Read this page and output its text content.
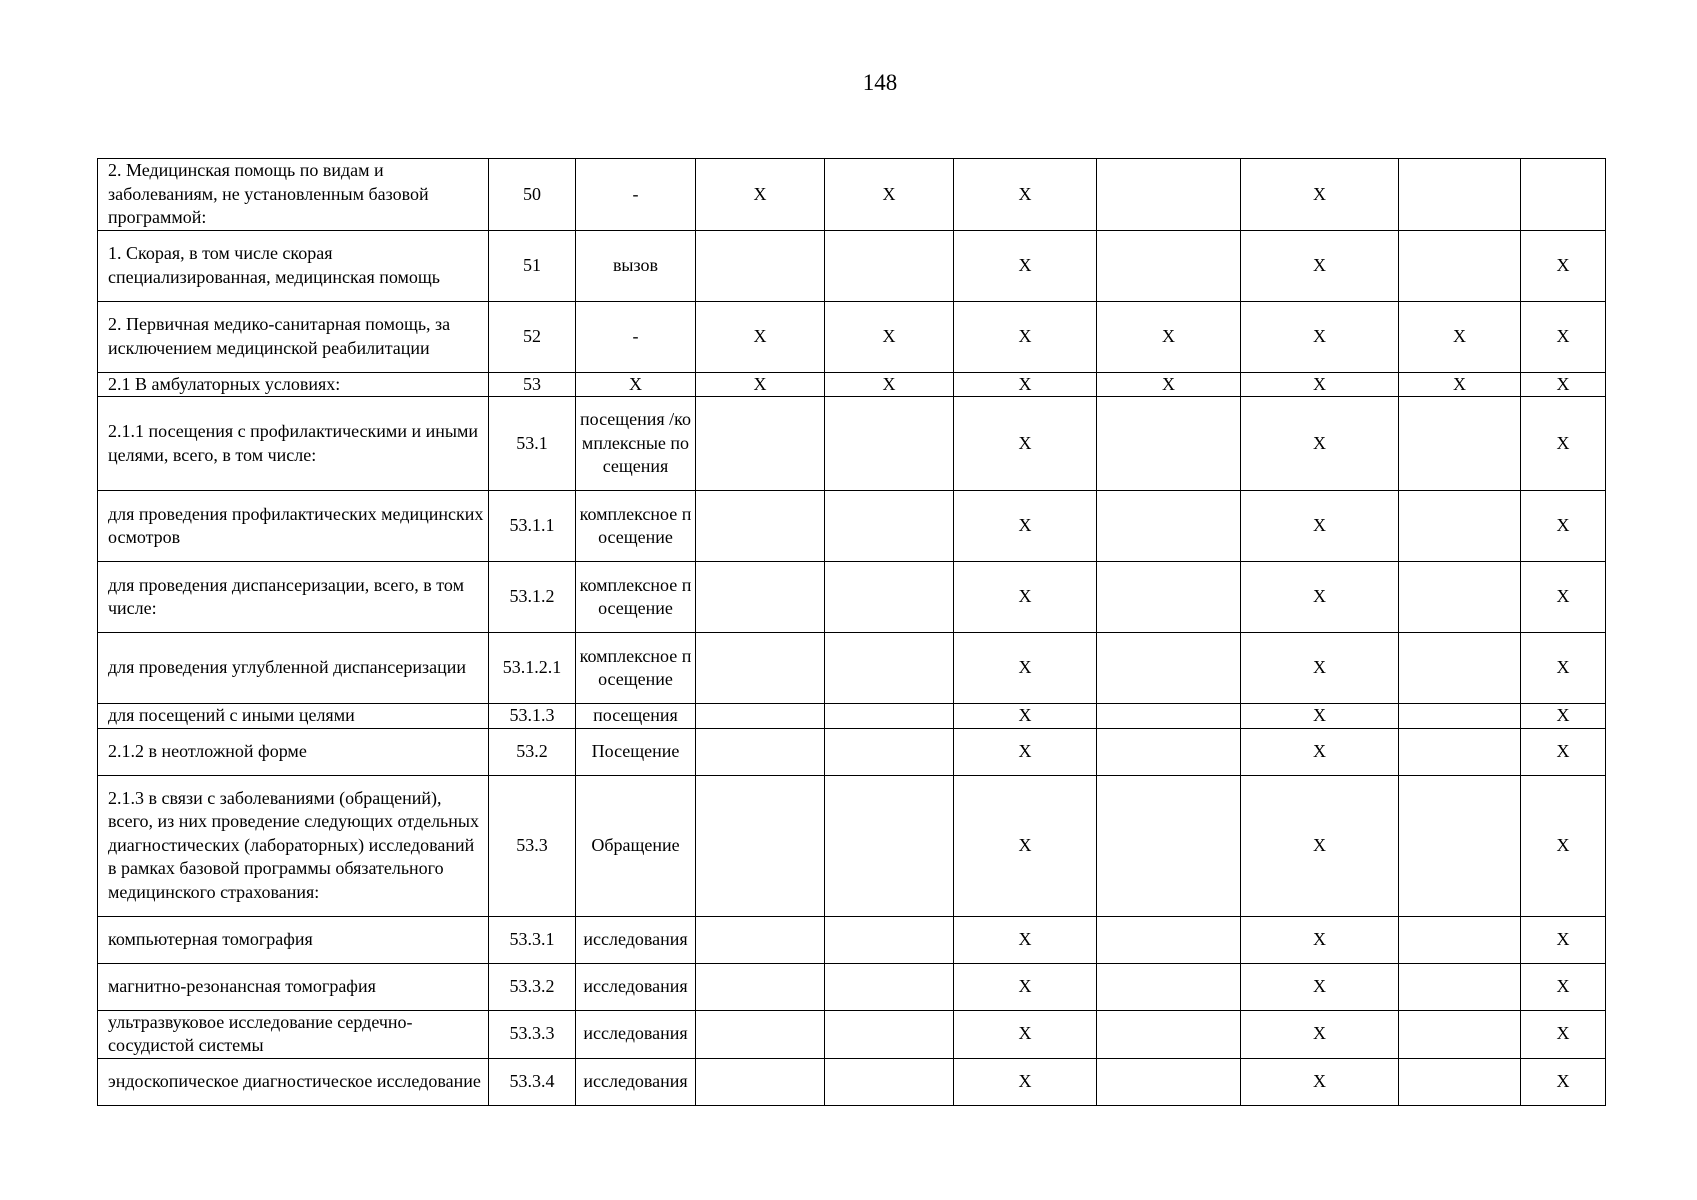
148
2. Медицинская помощь по видам и заболеваниям, не установленным базовой программой:	50	-	X	X	X		X		
1. Скорая, в том числе скорая специализированная, медицинская помощь	51	вызов			X		X		X
2. Первичная медико-санитарная помощь, за исключением медицинской реабилитации	52	-	X	X	X	X	X	X	X
2.1 В амбулаторных условиях:	53	X	X	X	X	X	X	X	X
2.1.1 посещения с профилактическими и иными целями, всего, в том числе:	53.1	посещения /комплексные посещения			X		X		X
для проведения профилактических медицинских осмотров	53.1.1	комплексное посещение			X		X		X
для проведения диспансеризации, всего, в том числе:	53.1.2	комплексное посещение			X		X		X
для проведения углубленной диспансеризации	53.1.2.1	комплексное посещение			X		X		X
для посещений с иными целями	53.1.3	посещения			X		X		X
2.1.2 в неотложной форме	53.2	Посещение			X		X		X
2.1.3 в связи с заболеваниями (обращений), всего, из них проведение следующих отдельных диагностических (лабораторных) исследований в рамках базовой программы обязательного медицинского страхования:	53.3	Обращение			X		X		X
компьютерная томография	53.3.1	исследования			X		X		X
магнитно-резонансная томография	53.3.2	исследования			X		X		X
ультразвуковое исследование сердечно-сосудистой системы	53.3.3	исследования			X		X		X
эндоскопическое диагностическое исследование	53.3.4	исследования			X		X		X
